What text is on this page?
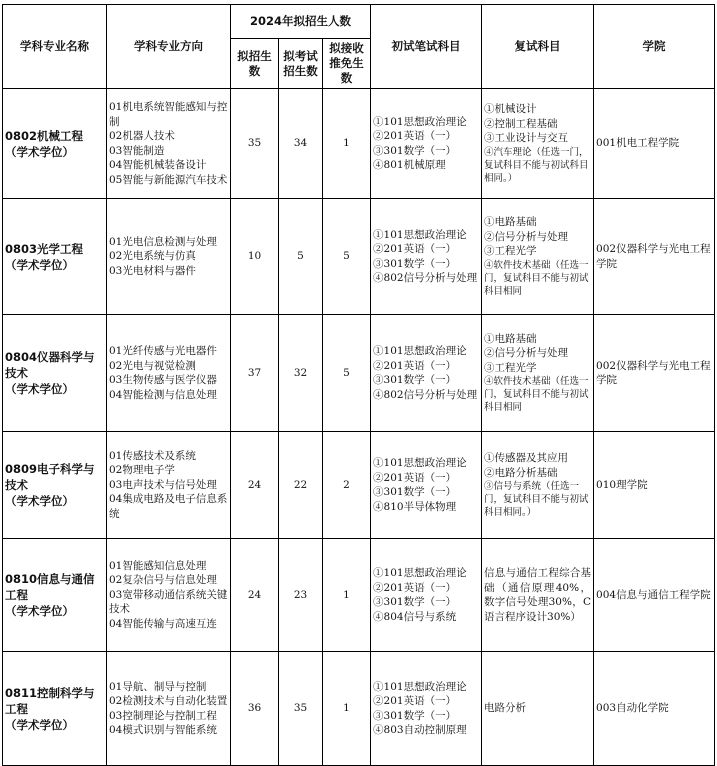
学科专业名称	学科专业方向	2024年拟招生人数			初试笔试科目	复试科目	学院
		拟招生数	拟考试招生数	拟接收推免生数			

0802机械工程
（学术学位）	01机电系统智能感知与控制
02机器人技术
03智能制造
04智能机械装备设计
05智能与新能源汽车技术	35	34	1	①101思想政治理论
②201英语（一）
③301数学（一）
④801机械原理	①机械设计
②控制工程基础
③工业设计与交互
④汽车理论（任选一门，复试科目不能与初试科目相同。）	001机电工程学院

0803光学工程
（学术学位）	01光电信息检测与处理
02光电系统与仿真
03光电材料与器件	10	5	5	①101思想政治理论
②201英语（一）
③301数学（一）
④802信号分析与处理	①电路基础
②信号分析与处理
③工程光学
④软件技术基础（任选一门，复试科目不能与初试科目相同	002仪器科学与光电工程学院

0804仪器科学与技术
（学术学位）	01光纤传感与光电器件
02光电与视觉检测
03生物传感与医学仪器
04智能检测与信息处理	37	32	5	①101思想政治理论
②201英语（一）
③301数学（一）
④802信号分析与处理	①电路基础
②信号分析与处理
③工程光学
④软件技术基础（任选一门，复试科目不能与初试科目相同	002仪器科学与光电工程学院

0809电子科学与技术
（学术学位）	01传感技术及系统
02物理电子学
03电声技术与信号处理
04集成电路及电子信息系统	24	22	2	①101思想政治理论
②201英语（一）
③301数学（一）
④810半导体物理	①传感器及其应用
②电路分析基础
③信号与系统（任选一门，复试科目不能与初试科目相同。）	010理学院

0810信息与通信工程
（学术学位）	01智能感知信息处理
02复杂信号与信息处理
03宽带移动通信系统关键技术
04智能传输与高速互连	24	23	1	①101思想政治理论
②201英语（一）
③301数学（一）
④804信号与系统	信息与通信工程综合基础（通信原理40%，数字信号处理30%，C语言程序设计30%）	004信息与通信工程学院

0811控制科学与工程
（学术学位）	01导航、制导与控制
02检测技术与自动化装置
03控制理论与控制工程
04模式识别与智能系统	36	35	1	①101思想政治理论
②201英语（一）
③301数学（一）
④803自动控制原理	电路分析	003自动化学院
